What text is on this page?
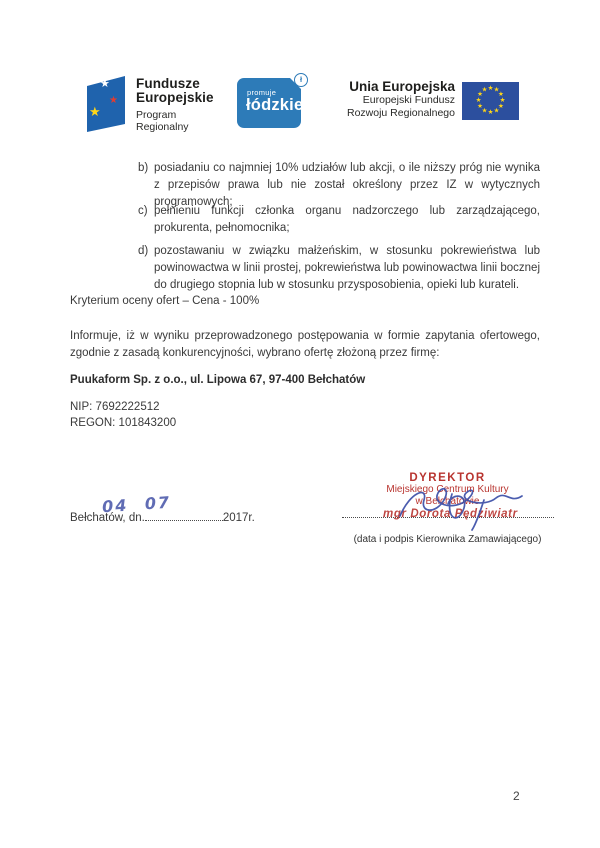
★
★
★
Fundusze
Europejskie
Program Regionalny
promuje
łódzkie
ł	Unia Europejska
Europejski Fundusz
Rozwoju Regionalnego
★ ★
★
★
★
★
★
★
★
★
★
★
b) posiadaniu co najmniej 10% udziałów lub akcji, o ile niższy próg nie wynika z przepisów prawa lub nie został określony przez IZ w wytycznych programowych;
c) pełnieniu funkcji członka organu nadzorczego lub zarządzającego, prokurenta, pełnomocnika;
d) pozostawaniu w związku małżeńskim, w stosunku pokrewieństwa lub powinowactwa w linii prostej, pokrewieństwa lub powinowactwa linii bocznej do drugiego stopnia lub w stosunku przysposobienia, opieki lub kurateli.
Kryterium oceny ofert – Cena - 100%
Informuje, iż w wyniku przeprowadzonego postępowania w formie zapytania ofertowego, zgodnie z zasadą konkurencyjności, wybrano ofertę złożoną przez firmę:
Puukaform Sp. z o.o., ul. Lipowa 67, 97-400 Bełchatów
NIP: 7692222512
REGON: 101843200
Bełchatów, dn.	2017r.
04 07
DYREKTOR
Miejskiego Centrum Kultury
w Bełchatowie
mgr Dorota Pędziwiatr
(data i podpis Kierownika Zamawiającego)
2
